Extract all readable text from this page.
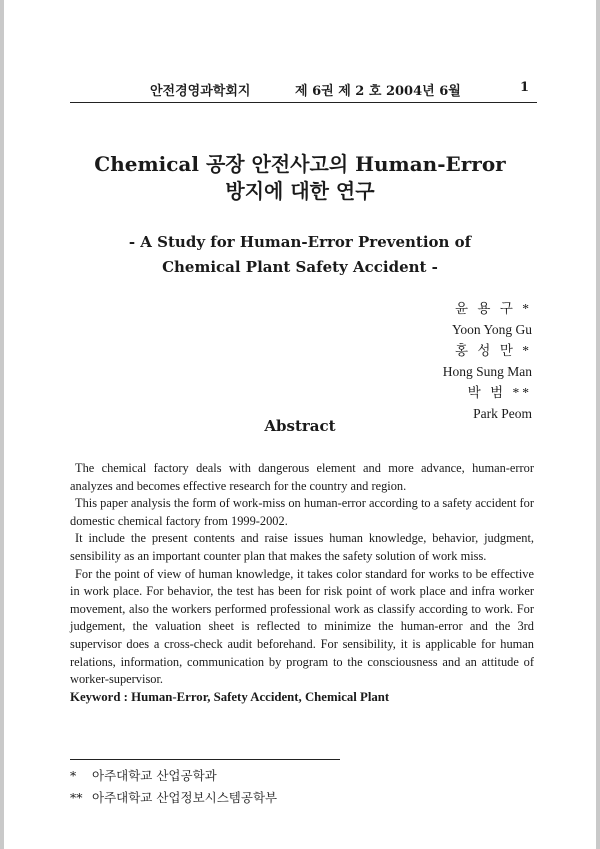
안전경영과학회지	제 6권 제 2 호 2004년 6월	1
Chemical 공장 안전사고의 Human-Error
방지에 대한 연구
- A Study for Human-Error Prevention of
Chemical Plant Safety Accident -
윤 용 구 *
Yoon Yong Gu
홍 성 만 *
Hong Sung Man
박 범 **
Park Peom
Abstract

The chemical factory deals with dangerous element and more advance, human-error analyzes and becomes effective research for the country and region.

This paper analysis the form of work-miss on human-error according to a safety accident for domestic chemical factory from 1999-2002.

It include the present contents and raise issues human knowledge, behavior, judgment, sensibility as an important counter plan that makes the safety solution of work miss.

For the point of view of human knowledge, it takes color standard for works to be effective in work place. For behavior, the test has been for risk point of work place and infra worker movement, also the workers performed professional work as classify according to work. For judgement, the valuation sheet is reflected to minimize the human-error and the 3rd supervisor does a cross-check audit beforehand. For sensibility, it is applicable for human relations, information, communication by program to the consciousness and an attitude of worker-supervisor.

Keyword : Human-Error, Safety Accident, Chemical Plant
* 아주대학교 산업공학과
** 아주대학교 산업정보시스템공학부
